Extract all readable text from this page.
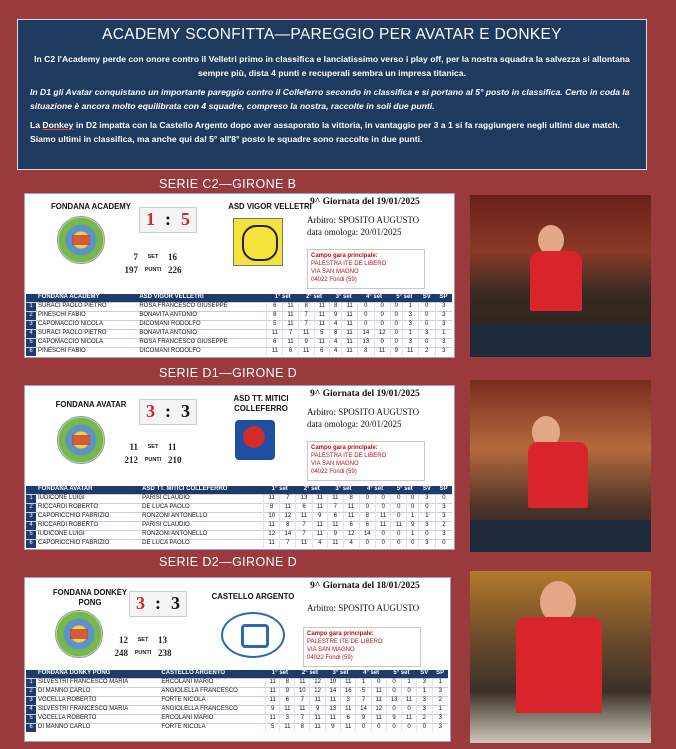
ACADEMY SCONFITTA—PAREGGIO PER AVATAR E DONKEY

In C2 l'Academy perde con onore contro il Velletri primo in classifica e lanciatissimo verso i play off, per la nostra squadra la salvezza si allontana sempre più, dista 4 punti e recuperali sembra un impresa titanica.

In D1 gli Avatar conquistano un importante pareggio contro il Colleferro secondo in classifica e si portano al 5° posto in classifica. Certo in coda la situazione è ancora molto equilibrata con 4 squadre, compreso la nostra, raccolte in soli due punti.

La Donkey in D2 impatta con la Castello Argento dopo aver assaporato la vittoria, in vantaggio per 3 a 1 si fa raggiungere negli ultimi due match. Siamo ultimi in classifica, ma anche qui dal 5° all'8° posto le squadre sono raccolte in due punti.

SERIE C2—GIRONE B
FONDANA ACADEMY	ASD VIGOR VELLETRI
1 : 5
7	SET	16
197	PUNTI 226
9^ Giornata del 19/01/2025
Arbitro: SPOSITO AUGUSTO
data omologa: 20/01/2025
Campo gara principale:
PALESTRA ITE DE LIBERO
VIA SAN MAGNO
04022 Fondi (59)
	FONDANA ACADEMY	ASD VIGOR VELLETRI	1° set		2° set		3° set		4° set		5° set		SV	SP
1	SURACI PAOLO PIETRO	ROSA FRANCESCO GIUSEPPE	6	11	8	11	8	11	0	0	0	1	0	3
2	PINESCHI FABIO	BONAVITA ANTONIO	8	11	7	11	9	11	0	0	0	3	0	3
3	CAPOMACCIO NICOLA	DICOMANI RODOLFO	5	11	7	11	4	11	0	0	0	3	0	3
4	SURACI PAOLO PIETRO	BONAVITA ANTONIO	11	7	11	5	8	11	14	12	0	1	3	1
5	CAPOMACCIO NICOLA	ROSA FRANCESCO GIUSEPPE	6	11	9	11	4	11	13	0	0	3	0	3
6	PINESCHI FABIO	DICOMANI RODOLFO	11	6	11	6	4	11	8	11	9	11	2	3
SERIE D1—GIRONE D
FONDANA AVATAR
ASD TT. MITICI COLLEFERRO
3 : 3
11	SET	11
212	PUNTI 210
9^ Giornata del 19/01/2025
Arbitro: SPOSITO AUGUSTO
data omologa: 20/01/2025
Campo gara principale:
PALESTRA ITE DE LIBERO
VIA SAN MAGNO
04022 Fondi (59)
	FONDANA AVATAR	ASD TT. MITICI COLLEFERRO	1° set		2° set		3° set		4° set		5° set		SV	SP
1	IUDICONE LUIGI	PARISI CLAUDIO	11	7	13	11	11	8	0	0	0	0	3	0
2	RICCARDI ROBERTO	DE LUCA PAOLO	8	11	6	11	7	11	0	0	0	0	0	3
3	CAPORICCHIO FABRIZIO	RONZONI ANTONELLO	10	12	11	9	6	11	8	11	0	1	1	3
4	RICCARDI ROBERTO	PARISI CLAUDIO	11	8	7	11	11	6	6	11	11	9	3	2
5	IUDICONE LUIGI	RONZONI ANTONELLO	12	14	7	11	9	12	14	0	0	1	0	3
6	CAPORICCHIO FABRIZIO	DE LUCA PAOLO	11	7	11	4	11	4	0	0	0	0	3	0
SERIE D2—GIRONE D
FONDANA DONKEY PONG
CASTELLO ARGENTO
3 : 3
12	SET	13
248	PUNTI 238
9^ Giornata del 18/01/2025
Arbitro: SPOSITO AUGUSTO
Campo gara principale:
PALESTRE ITE DE LIBERO
VIA SAN MAGNO
04022 Fondi (59)
	FONDANA DONKY PONG	CASTELLO ARGENTO	1° set		2° set		3° set		4° set		5° set		SV	SP
1	SILVESTRI FRANCESCO MARIA	ERCOLANI MARIO	11	8	11	12	10	11	1	0	0	1	3	1
2	DI MANNO CARLO	ANGIOLELLA FRANCESCO	11	9	10	12	14	16	5	11	0	0	1	3
3	VOCELLA ROBERTO	FORTE NICOLA	11	6	7	11	11	3	7	11	13	11	3	2
4	SILVESTRI FRANCESCO MARIA	ANGIOLELLA FRANCESCO	9	11	11	9	13	11	14	12	0	0	3	1
5	VOCELLA ROBERTO	ERCOLANI MARIO	11	3	7	11	11	6	9	11	9	11	2	3
6	DI MANNO CARLO	FORTE NICOLA	5	11	8	11	9	11	0	0	0	0	0	3
